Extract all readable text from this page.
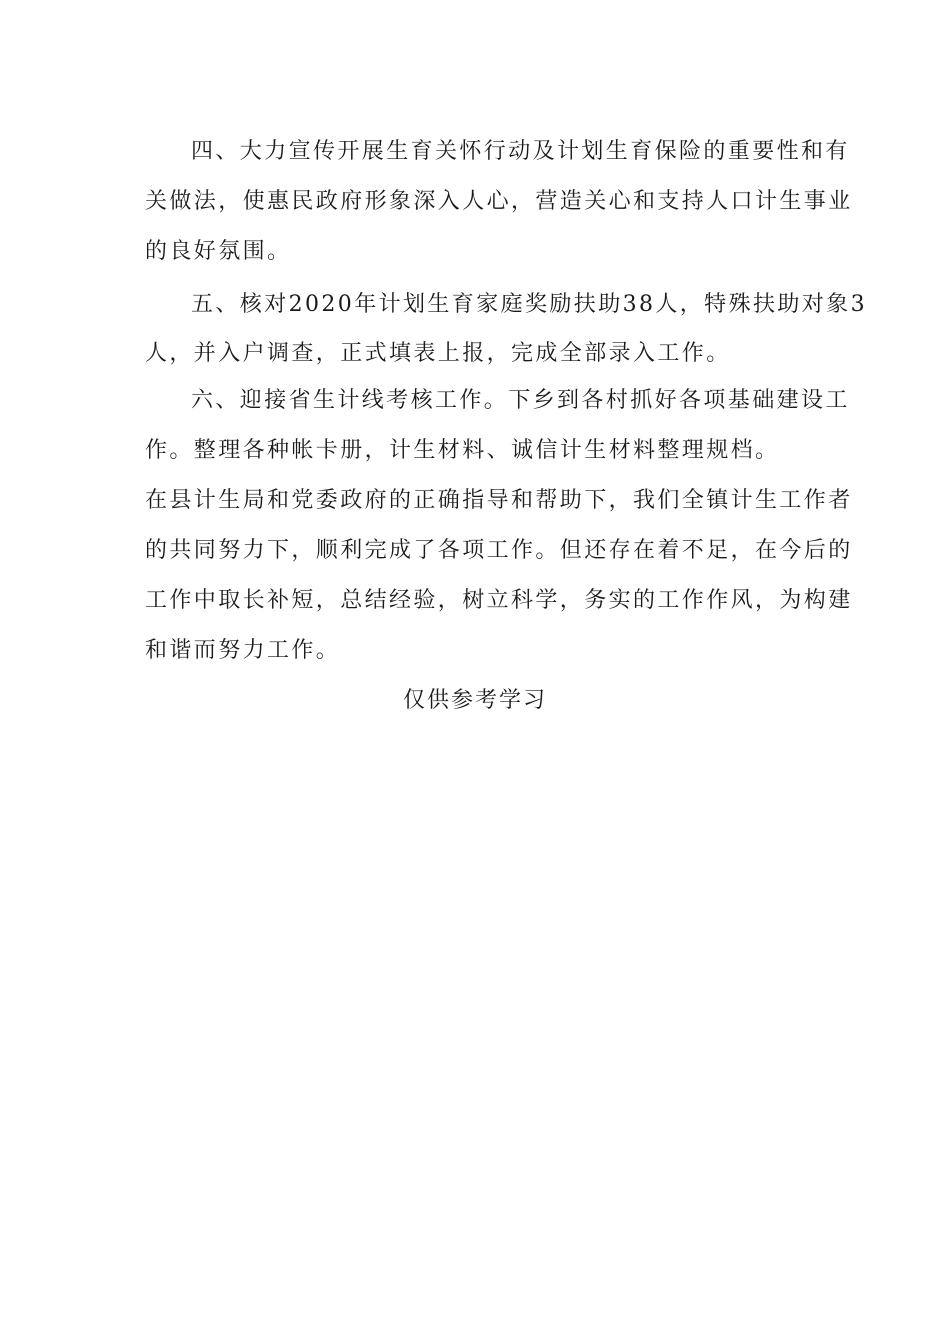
四、大力宣传开展生育关怀行动及计划生育保险的重要性和有
关做法，使惠民政府形象深入人心，营造关心和支持人口计生事业
的良好氛围。
五、核对2020年计划生育家庭奖励扶助38人，特殊扶助对象3
人，并入户调查，正式填表上报，完成全部录入工作。
六、迎接省生计线考核工作。下乡到各村抓好各项基础建设工
作。整理各种帐卡册，计生材料、诚信计生材料整理规档。
在县计生局和党委政府的正确指导和帮助下，我们全镇计生工作者
的共同努力下，顺利完成了各项工作。但还存在着不足，在今后的
工作中取长补短，总结经验，树立科学，务实的工作作风，为构建
和谐而努力工作。
仅供参考学习
